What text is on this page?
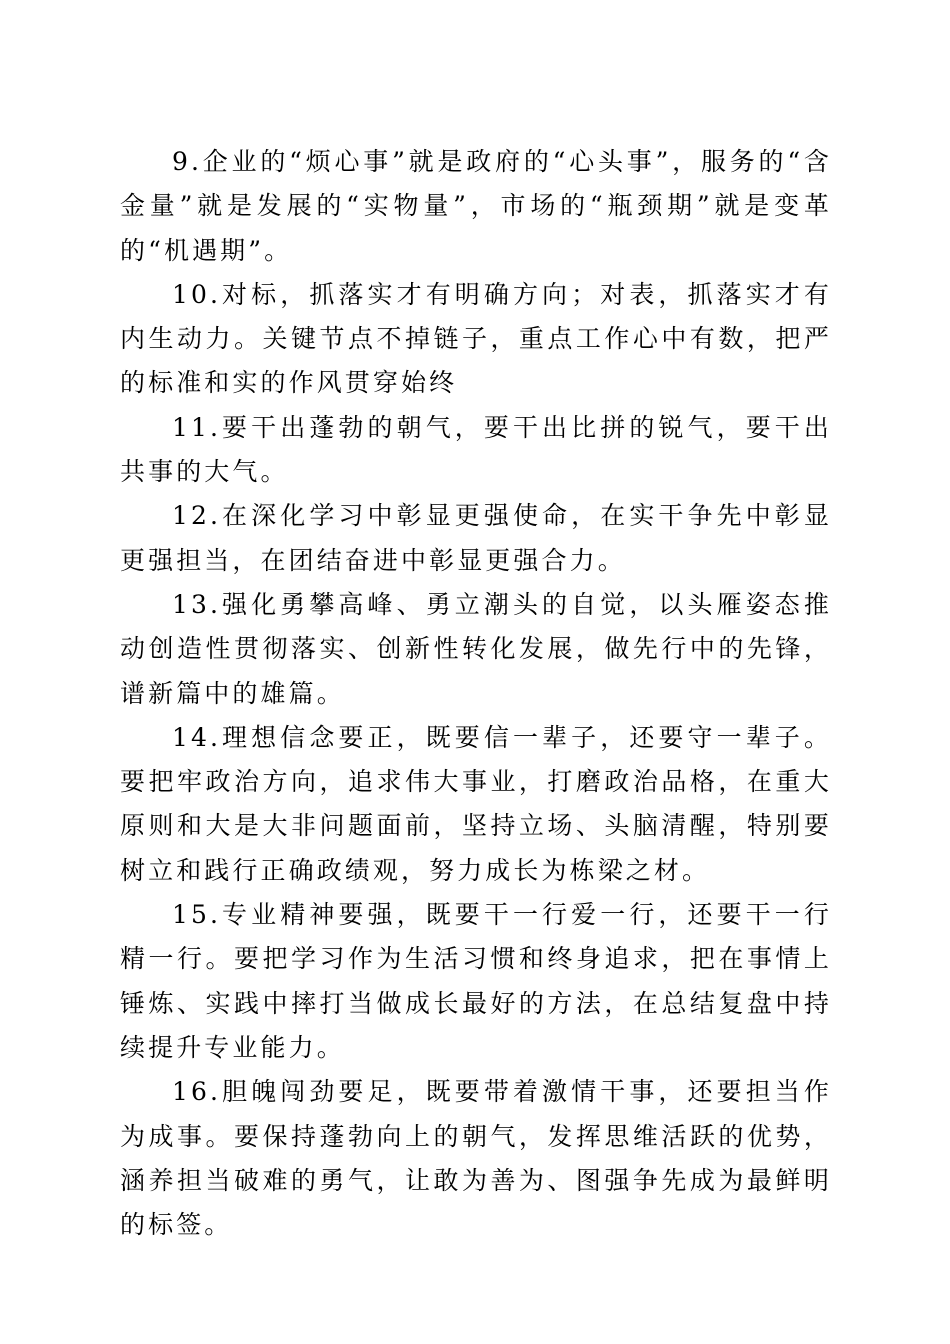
9.企业的“烦心事”就是政府的“心头事”，服务的“含金量”就是发展的“实物量”，市场的“瓶颈期”就是变革的“机遇期”。

10.对标，抓落实才有明确方向；对表，抓落实才有内生动力。关键节点不掉链子，重点工作心中有数，把严的标准和实的作风贯穿始终

11.要干出蓬勃的朝气，要干出比拼的锐气，要干出共事的大气。

12.在深化学习中彰显更强使命，在实干争先中彰显更强担当，在团结奋进中彰显更强合力。

13.强化勇攀高峰、勇立潮头的自觉，以头雁姿态推动创造性贯彻落实、创新性转化发展，做先行中的先锋，谱新篇中的雄篇。

14.理想信念要正，既要信一辈子，还要守一辈子。要把牢政治方向，追求伟大事业，打磨政治品格，在重大原则和大是大非问题面前，坚持立场、头脑清醒，特别要树立和践行正确政绩观，努力成长为栋梁之材。

15.专业精神要强，既要干一行爱一行，还要干一行精一行。要把学习作为生活习惯和终身追求，把在事情上锤炼、实践中摔打当做成长最好的方法，在总结复盘中持续提升专业能力。

16.胆魄闯劲要足，既要带着激情干事，还要担当作为成事。要保持蓬勃向上的朝气，发挥思维活跃的优势，涵养担当破难的勇气，让敢为善为、图强争先成为最鲜明的标签。
